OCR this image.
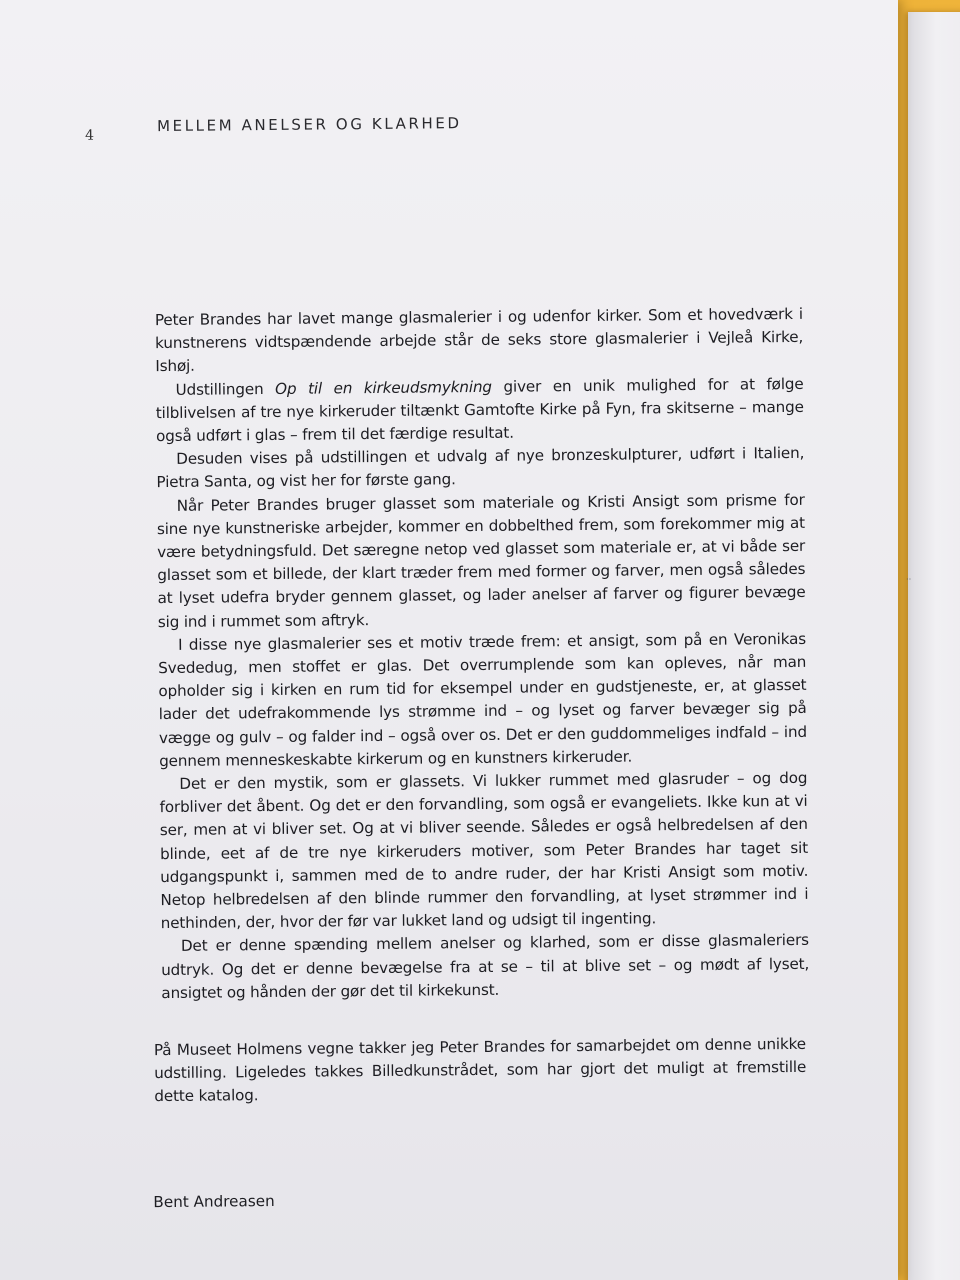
4
MELLEM ANELSER OG KLARHED

Peter Brandes har lavet mange glasmalerier i og udenfor kirker. Som et hovedværk i kunstnerens vidtspændende arbejde står de seks store glasmalerier i Vejleå Kirke, Ishøj.

Udstillingen Op til en kirkeudsmykning giver en unik mulighed for at følge tilblivelsen af tre nye kirkeruder tiltænkt Gamtofte Kirke på Fyn, fra skitserne – mange også udført i glas – frem til det færdige resultat.

Desuden vises på udstillingen et udvalg af nye bronzeskulpturer, udført i Italien, Pietra Santa, og vist her for første gang.

Når Peter Brandes bruger glasset som materiale og Kristi Ansigt som prisme for sine nye kunstneriske arbejder, kommer en dobbelthed frem, som forekommer mig at være betydningsfuld. Det særegne netop ved glasset som materiale er, at vi både ser glasset som et billede, der klart træder frem med former og farver, men også således at lyset udefra bryder gennem glasset, og lader anelser af farver og figurer bevæge sig ind i rummet som aftryk.

I disse nye glasmalerier ses et motiv træde frem: et ansigt, som på en Veronikas Svededug, men stoffet er glas. Det overrumplende som kan opleves, når man opholder sig i kirken en rum tid for eksempel under en gudstjeneste, er, at glasset lader det udefrakommende lys strømme ind – og lyset og farver bevæger sig på vægge og gulv – og falder ind – også over os. Det er den guddommeliges indfald – ind gennem menneskeskabte kirkerum og en kunstners kirkeruder.

Det er den mystik, som er glassets. Vi lukker rummet med glasruder – og dog forbliver det åbent. Og det er den forvandling, som også er evangeliets. Ikke kun at vi ser, men at vi bliver set. Og at vi bliver seende. Således er også helbredelsen af den blinde, eet af de tre nye kirkeruders motiver, som Peter Brandes har taget sit udgangspunkt i, sammen med de to andre ruder, der har Kristi Ansigt som motiv. Netop helbredelsen af den blinde rummer den forvandling, at lyset strømmer ind i nethinden, der, hvor der før var lukket land og udsigt til ingenting.

Det er denne spænding mellem anelser og klarhed, som er disse glasmaleriers udtryk. Og det er denne bevægelse fra at se – til at blive set – og mødt af lyset, ansigtet og hånden der gør det til kirkekunst.

På Museet Holmens vegne takker jeg Peter Brandes for samarbejdet om denne unikke udstilling. Ligeledes takkes Billedkunstrådet, som har gjort det muligt at fremstille dette katalog.

Bent Andreasen
··
